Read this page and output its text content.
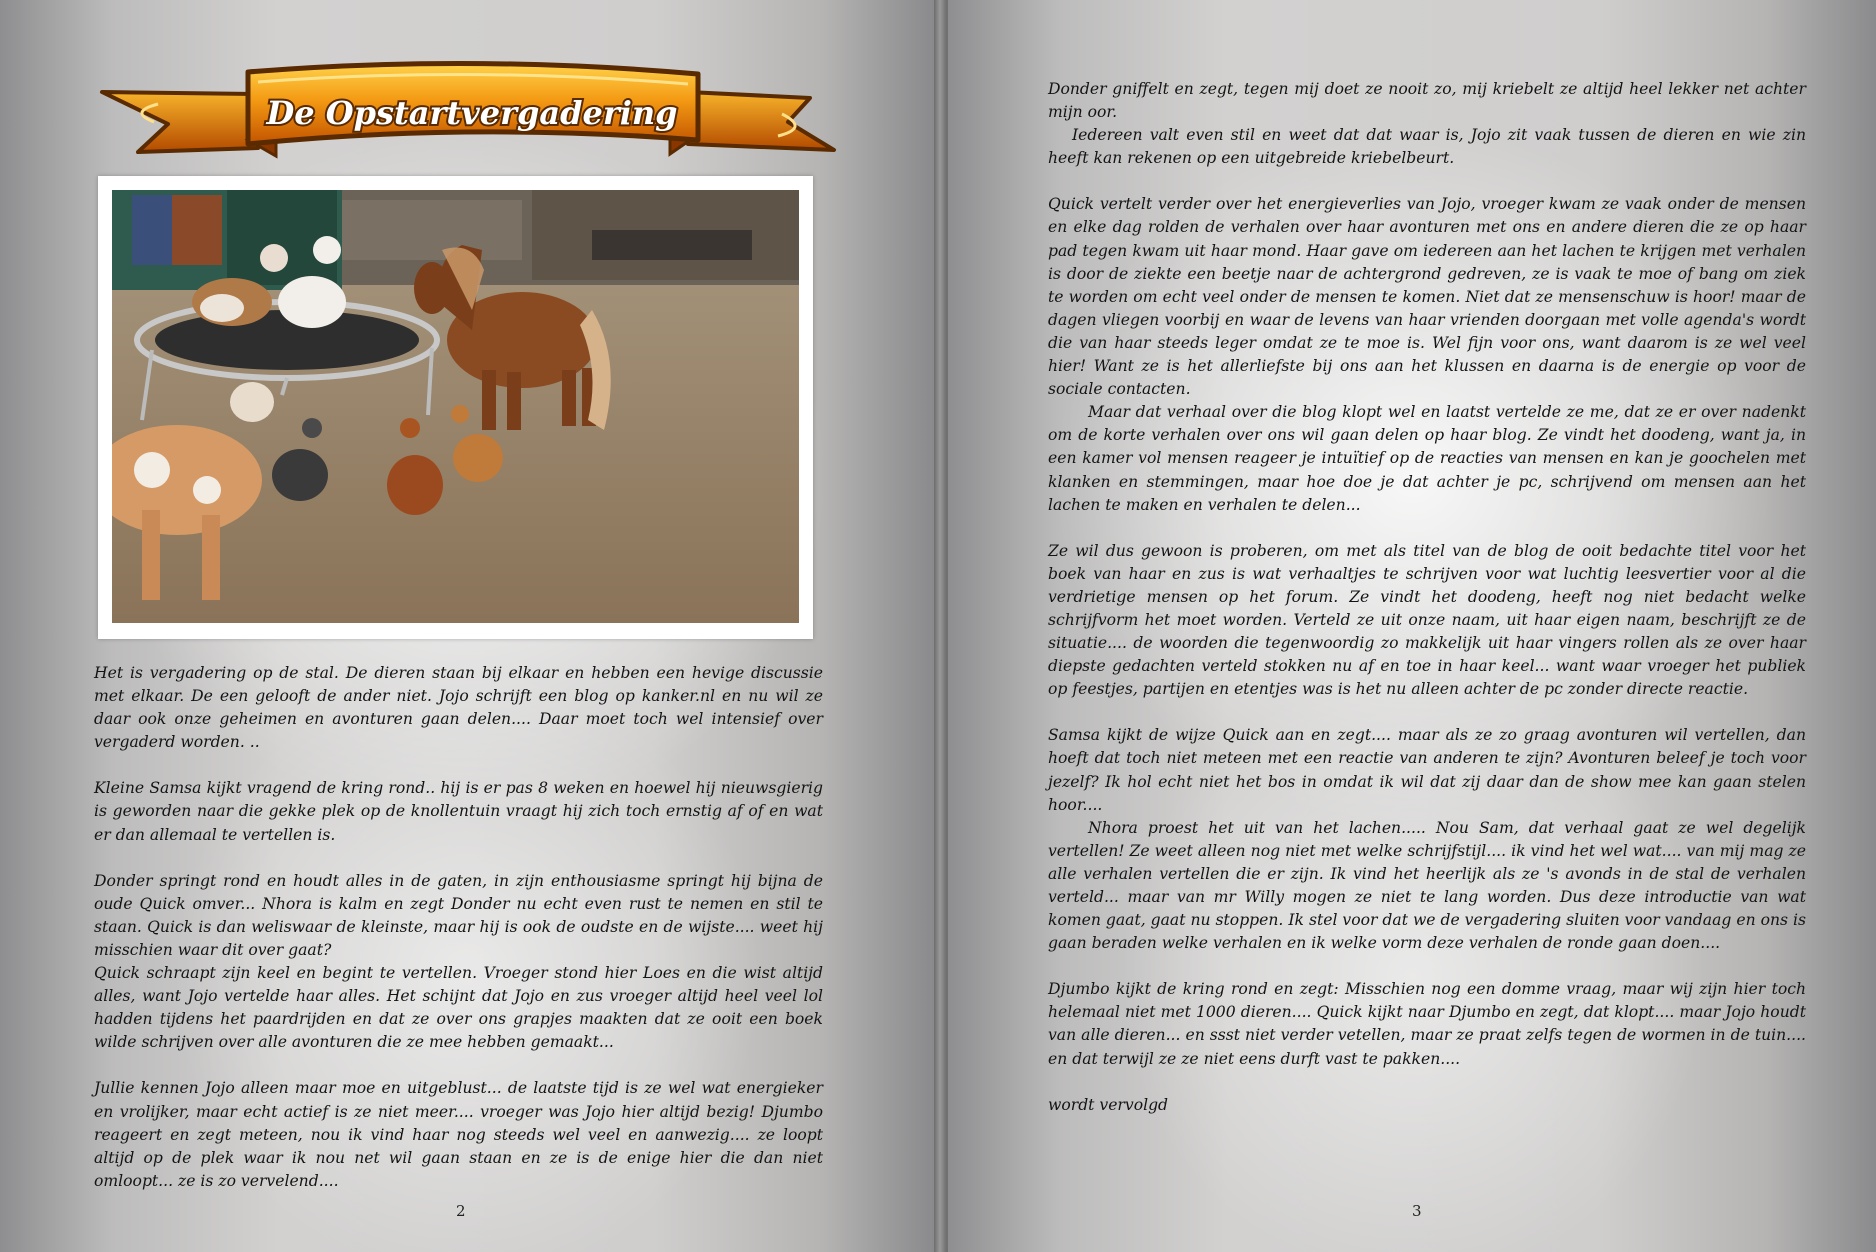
De Opstartvergadering

Het is vergadering op de stal. De dieren staan bij elkaar en hebben een hevige discussie met elkaar. De een gelooft de ander niet. Jojo schrijft een blog op kanker.nl en nu wil ze daar ook onze geheimen en avonturen gaan delen.... Daar moet toch wel intensief over vergaderd worden. ..

Kleine Samsa kijkt vragend de kring rond.. hij is er pas 8 weken en hoewel hij nieuwsgierig is geworden naar die gekke plek op de knollentuin vraagt hij zich toch ernstig af of en wat er dan allemaal te vertellen is.

Donder springt rond en houdt alles in de gaten, in zijn enthousiasme springt hij bijna de oude Quick omver... Nhora is kalm en zegt Donder nu echt even rust te nemen en stil te staan. Quick is dan weliswaar de kleinste, maar hij is ook de oudste en de wijste.... weet hij misschien waar dit over gaat?

Quick schraapt zijn keel en begint te vertellen. Vroeger stond hier Loes en die wist altijd alles, want Jojo vertelde haar alles. Het schijnt dat Jojo en zus vroeger altijd heel veel lol hadden tijdens het paardrijden en dat ze over ons grapjes maakten dat ze ooit een boek wilde schrijven over alle avonturen die ze mee hebben gemaakt...

Jullie kennen Jojo alleen maar moe en uitgeblust... de laatste tijd is ze wel wat energieker en vrolijker, maar echt actief is ze niet meer.... vroeger was Jojo hier altijd bezig! Djumbo reageert en zegt meteen, nou ik vind haar nog steeds wel veel en aanwezig.... ze loopt altijd op de plek waar ik nou net wil gaan staan en ze is de enige hier die dan niet omloopt... ze is zo vervelend....

2

Donder gniffelt en zegt, tegen mij doet ze nooit zo, mij kriebelt ze altijd heel lekker net achter mijn oor.

Iedereen valt even stil en weet dat dat waar is, Jojo zit vaak tussen de dieren en wie zin heeft kan rekenen op een uitgebreide kriebelbeurt.

Quick vertelt verder over het energieverlies van Jojo, vroeger kwam ze vaak onder de mensen en elke dag rolden de verhalen over haar avonturen met ons en andere dieren die ze op haar pad tegen kwam uit haar mond. Haar gave om iedereen aan het lachen te krijgen met verhalen is door de ziekte een beetje naar de achtergrond gedreven, ze is vaak te moe of bang om ziek te worden om echt veel onder de mensen te komen. Niet dat ze mensenschuw is hoor! maar de dagen vliegen voorbij en waar de levens van haar vrienden doorgaan met volle agenda's wordt die van haar steeds leger omdat ze te moe is. Wel fijn voor ons, want daarom is ze wel veel hier! Want ze is het allerliefste bij ons aan het klussen en daarna is de energie op voor de sociale contacten.

Maar dat verhaal over die blog klopt wel en laatst vertelde ze me, dat ze er over nadenkt om de korte verhalen over ons wil gaan delen op haar blog. Ze vindt het doodeng, want ja, in een kamer vol mensen reageer je intuïtief op de reacties van mensen en kan je goochelen met klanken en stemmingen, maar hoe doe je dat achter je pc, schrijvend om mensen aan het lachen te maken en verhalen te delen...

Ze wil dus gewoon is proberen, om met als titel van de blog de ooit bedachte titel voor het boek van haar en zus is wat verhaaltjes te schrijven voor wat luchtig leesvertier voor al die verdrietige mensen op het forum. Ze vindt het doodeng, heeft nog niet bedacht welke schrijfvorm het moet worden. Verteld ze uit onze naam, uit haar eigen naam, beschrijft ze de situatie.... de woorden die tegenwoordig zo makkelijk uit haar vingers rollen als ze over haar diepste gedachten verteld stokken nu af en toe in haar keel... want waar vroeger het publiek op feestjes, partijen en etentjes was is het nu alleen achter de pc zonder directe reactie.

Samsa kijkt de wijze Quick aan en zegt.... maar als ze zo graag avonturen wil vertellen, dan hoeft dat toch niet meteen met een reactie van anderen te zijn? Avonturen beleef je toch voor jezelf? Ik hol echt niet het bos in omdat ik wil dat zij daar dan de show mee kan gaan stelen hoor....

Nhora proest het uit van het lachen..... Nou Sam, dat verhaal gaat ze wel degelijk vertellen! Ze weet alleen nog niet met welke schrijfstijl.... ik vind het wel wat.... van mij mag ze alle verhalen vertellen die er zijn. Ik vind het heerlijk als ze 's avonds in de stal de verhalen verteld... maar van mr Willy mogen ze niet te lang worden. Dus deze introductie van wat komen gaat, gaat nu stoppen. Ik stel voor dat we de vergadering sluiten voor vandaag en ons is gaan beraden welke verhalen en ik welke vorm deze verhalen de ronde gaan doen....

Djumbo kijkt de kring rond en zegt: Misschien nog een domme vraag, maar wij zijn hier toch helemaal niet met 1000 dieren.... Quick kijkt naar Djumbo en zegt, dat klopt.... maar Jojo houdt van alle dieren... en ssst niet verder vetellen, maar ze praat zelfs tegen de wormen in de tuin.... en dat terwijl ze ze niet eens durft vast te pakken....

wordt vervolgd

3
